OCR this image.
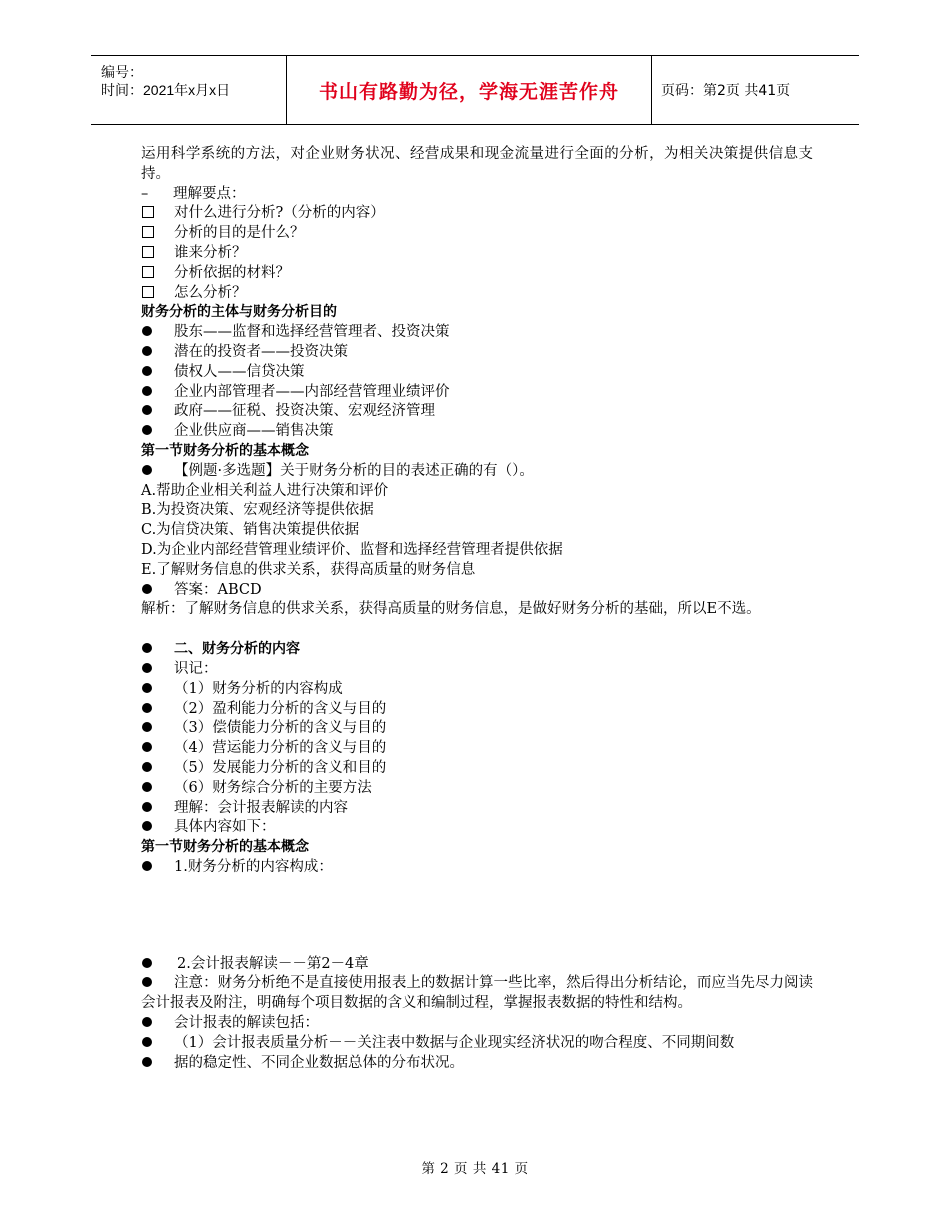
编号：
时间：2021年x月x日	书山有路勤为径，学海无涯苦作舟	页码：第2页 共41页
运用科学系统的方法，对企业财务状况、经营成果和现金流量进行全面的分析，为相关决策提供信息支持。
– 理解要点：
对什么进行分析?（分析的内容）
分析的目的是什么？
谁来分析？
分析依据的材料？
怎么分析？
财务分析的主体与财务分析目的
股东——监督和选择经营管理者、投资决策
潜在的投资者——投资决策
债权人——信贷决策
企业内部管理者——内部经营管理业绩评价
政府——征税、投资决策、宏观经济管理
企业供应商——销售决策
第一节财务分析的基本概念
【例题·多选题】关于财务分析的目的表述正确的有（）。
A.帮助企业相关利益人进行决策和评价
B.为投资决策、宏观经济等提供依据
C.为信贷决策、销售决策提供依据
D.为企业内部经营管理业绩评价、监督和选择经营管理者提供依据
E.了解财务信息的供求关系，获得高质量的财务信息
答案：ABCD
解析：了解财务信息的供求关系，获得高质量的财务信息，是做好财务分析的基础，所以E不选。
二、财务分析的内容
识记：
（1）财务分析的内容构成
（2）盈利能力分析的含义与目的
（3）偿债能力分析的含义与目的
（4）营运能力分析的含义与目的
（5）发展能力分析的含义和目的
（6）财务综合分析的主要方法
理解：会计报表解读的内容
具体内容如下：
第一节财务分析的基本概念
1.财务分析的内容构成：
2.会计报表解读－－第2－4章
注意：财务分析绝不是直接使用报表上的数据计算一些比率，然后得出分析结论，而应当先尽力阅读会计报表及附注，明确每个项目数据的含义和编制过程，掌握报表数据的特性和结构。
会计报表的解读包括：
（1）会计报表质量分析－－关注表中数据与企业现实经济状况的吻合程度、不同期间数
据的稳定性、不同企业数据总体的分布状况。
第 2 页 共 41 页
